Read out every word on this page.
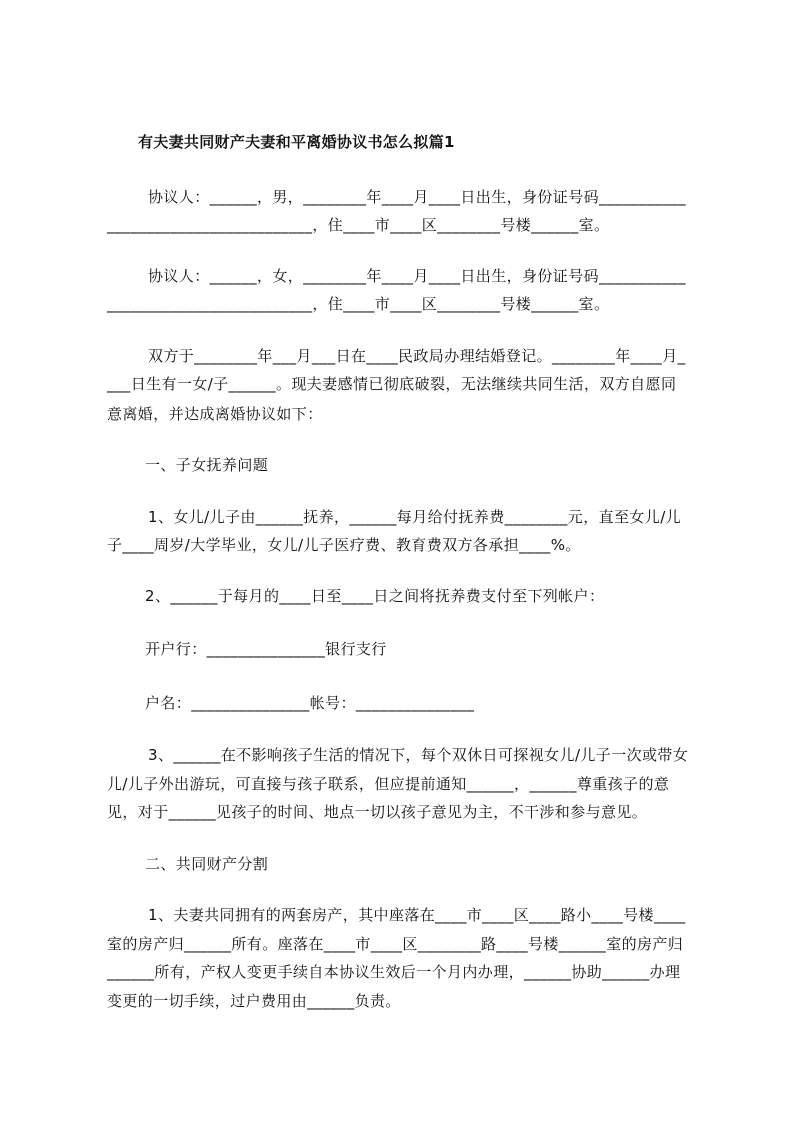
有夫妻共同财产夫妻和平离婚协议书怎么拟篇1
协议人：______，男，________年____月____日出生，身份证号码___________
__________________________，住____市____区________号楼______室。
协议人：______，女，________年____月____日出生，身份证号码___________
__________________________，住____市____区________号楼______室。
双方于________年___月___日在____民政局办理结婚登记。________年____月_
___日生有一女/子______。现夫妻感情已彻底破裂，无法继续共同生活，双方自愿同
意离婚，并达成离婚协议如下：
一、子女抚养问题
1、女儿/儿子由______抚养，______每月给付抚养费________元，直至女儿/儿
子____周岁/大学毕业，女儿/儿子医疗费、教育费双方各承担____%。
2、______于每月的____日至____日之间将抚养费支付至下列帐户：
开户行：_______________银行支行
户名：_______________帐号：_______________
3、______在不影响孩子生活的情况下，每个双休日可探视女儿/儿子一次或带女
儿/儿子外出游玩，可直接与孩子联系，但应提前通知______，______尊重孩子的意
见，对于______见孩子的时间、地点一切以孩子意见为主，不干涉和参与意见。
二、共同财产分割
1、夫妻共同拥有的两套房产，其中座落在____市____区____路小____号楼____
室的房产归______所有。座落在____市____区________路____号楼______室的房产归
______所有，产权人变更手续自本协议生效后一个月内办理，______协助______办理
变更的一切手续，过户费用由______负责。
